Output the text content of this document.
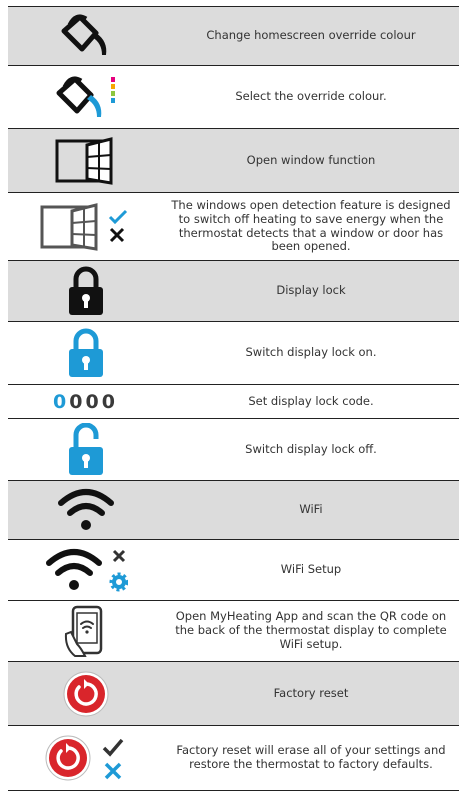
Change homescreen override colour
Select the override colour.
Open window function
The windows open detection feature is designed to switch off heating to save energy when the thermostat detects that a window or door has been opened.
Display lock
Switch display lock on.
0000	Set display lock code.
Switch display lock off.
WiFi
WiFi Setup
Open MyHeating App and scan the QR code on the back of the thermostat display to complete WiFi setup.
Factory reset
Factory reset will erase all of your settings and restore the thermostat to factory defaults.
